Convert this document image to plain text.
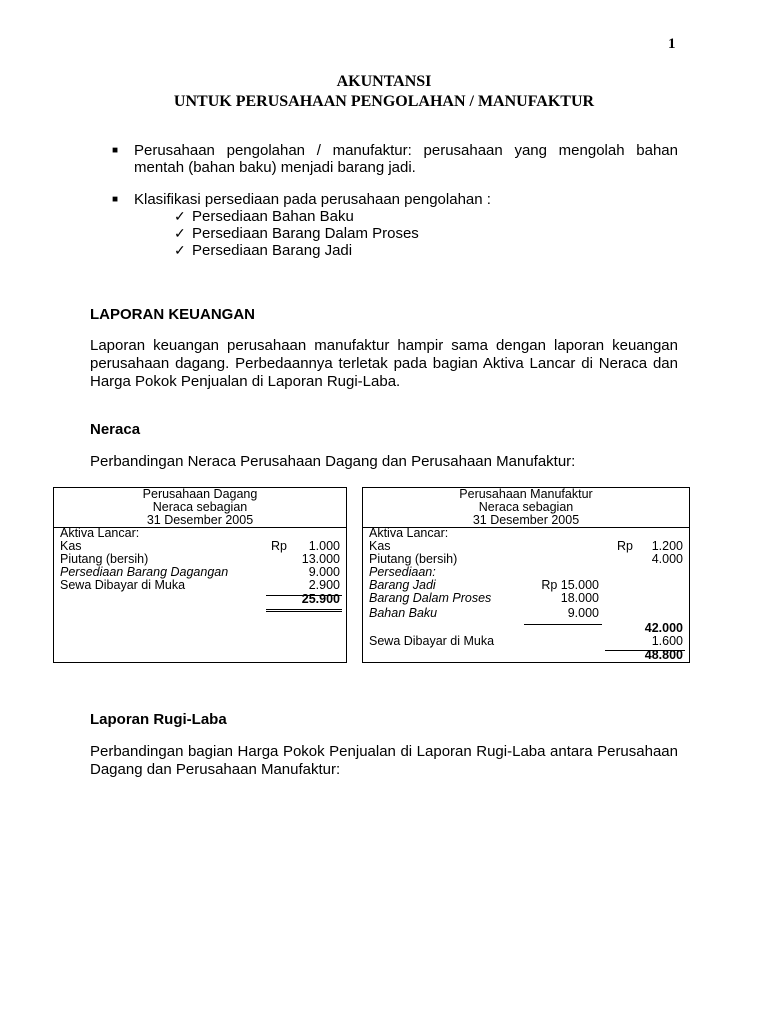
1
AKUNTANSI
UNTUK PERUSAHAAN PENGOLAHAN / MANUFAKTUR
■ Perusahaan pengolahan / manufaktur: perusahaan yang mengolah bahan mentah (bahan baku) menjadi barang jadi.
■ Klasifikasi persediaan pada perusahaan pengolahan :
✓ Persediaan Bahan Baku
✓ Persediaan Barang Dalam Proses
✓ Persediaan Barang Jadi
LAPORAN KEUANGAN

Laporan keuangan perusahaan manufaktur hampir sama dengan laporan keuangan perusahaan dagang. Perbedaannya terletak pada bagian Aktiva Lancar di Neraca dan Harga Pokok Penjualan di Laporan Rugi-Laba.

Neraca

Perbandingan Neraca Perusahaan Dagang dan Perusahaan Manufaktur:

Perusahaan Dagang
Neraca sebagian
31 Desember 2005
Aktiva Lancar:
Kas	Rp	1.000
Piutang (bersih)	13.000
Persediaan Barang Dagangan	9.000
Sewa Dibayar di Muka	2.900
25.900
Perusahaan Manufaktur
Neraca sebagian
31 Desember 2005
Aktiva Lancar:
Kas	Rp	1.200
Piutang (bersih)	4.000
Persediaan:
Barang Jadi	Rp 15.000
Barang Dalam Proses	18.000
Bahan Baku	9.000
42.000
Sewa Dibayar di Muka	1.600
48.800
Laporan Rugi-Laba

Perbandingan bagian Harga Pokok Penjualan di Laporan Rugi-Laba antara Perusahaan Dagang dan Perusahaan Manufaktur:
